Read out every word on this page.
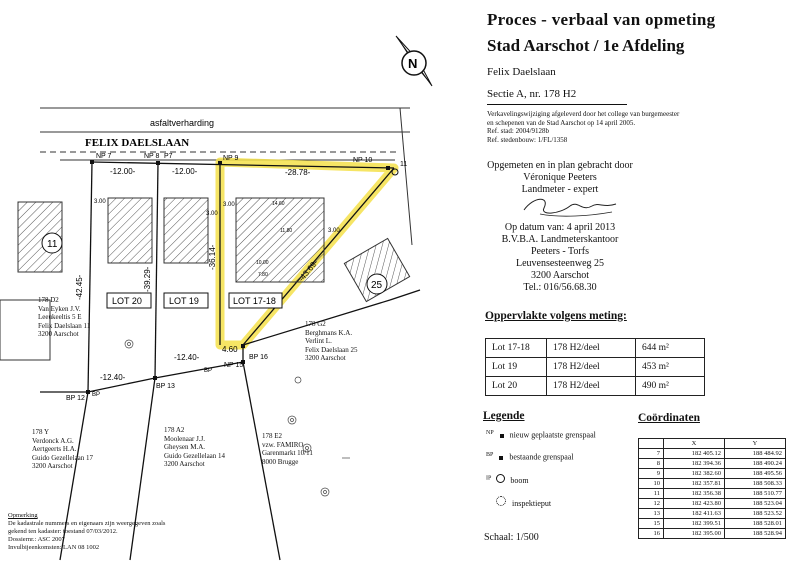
asfaltverharding
FELIX DAELSLAAN
NP 7	NP 8 P7	NP 9	NP 10
11
-12.00-	-12.00-	-28.78-
-42.45-	-39.29-
-36.14-
-43.69-
3.00
3.00
3.00
3.00
14.60
10.00
11.80
7.80
-12.40-
-12.40-
4.60
LOT 20	LOT 19	LOT 17-18
11
25
BP 12 BP
BP 13
BP
NP 15
BP 16
178 D2
Van Eyken J.V.
Leeukeeltis 5 E
Felix Daelslaan 11
3200 Aarschot
178 G2
Berghmans K.A.
Verlint L.
Felix Daelslaan 25
3200 Aarschot
178 Y
Verdonck A.G.
Aertgeerts H.A.
Guido Gezellelaan 17
3200 Aarschot
178 A2
Moolenaar J.J.
Gheysen M.A.
Guido Gezellelaan 14
3200 Aarschot
178 E2
vzw. FAMIRO
Garenmarkt 10/11
8000 Brugge
Opmerking
De kadastrale nummers en eigenaars zijn weergegeven zoals
gekend ten kadaster: toestand 07/03/2012.
Dossiernr.: ASC 2007
Invulbijeenkomsten: LAN 08 1002
N
Proces - verbaal van opmeting
Stad Aarschot / 1e Afdeling
Felix Daelslaan
Sectie A, nr. 178 H2
Verkavelingswijziging afgeleverd door het college van burgemeester
en schepenen van de Stad Aarschot op 14 april 2005.
Ref. stad: 2004/9128b
Ref. stedenbouw: 1/FL/1358
Opgemeten en in plan gebracht door
Véronique Peeters
Landmeter - expert
Op datum van: 4 april 2013
B.V.B.A. Landmeterskantoor
Peeters - Torfs
Leuvensesteenweg 25
3200 Aarschot
Tel.: 016/56.68.30
Oppervlakte volgens meting:
Lot 17-18	178 H2/deel	644 m²
Lot 19	178 H2/deel	453 m²
Lot 20	178 H2/deel	490 m²
Legende
$^{NP}$ nieuw geplaatste grenspaal
$^{BP}$ bestaande grenspaal
$^{IP}$ boom
inspektieput
Schaal: 1/500
Coördinaten
	X	Y
7	182 405.12	188 484.92
8	182 394.36	188 490.24
9	182 382.60	188 495.56
10	182 357.81	188 508.33
11	182 356.38	188 510.77
12	182 423.80	188 523.04
13	182 411.63	188 523.52
15	182 399.51	188 528.01
16	182 395.00	188 528.94
